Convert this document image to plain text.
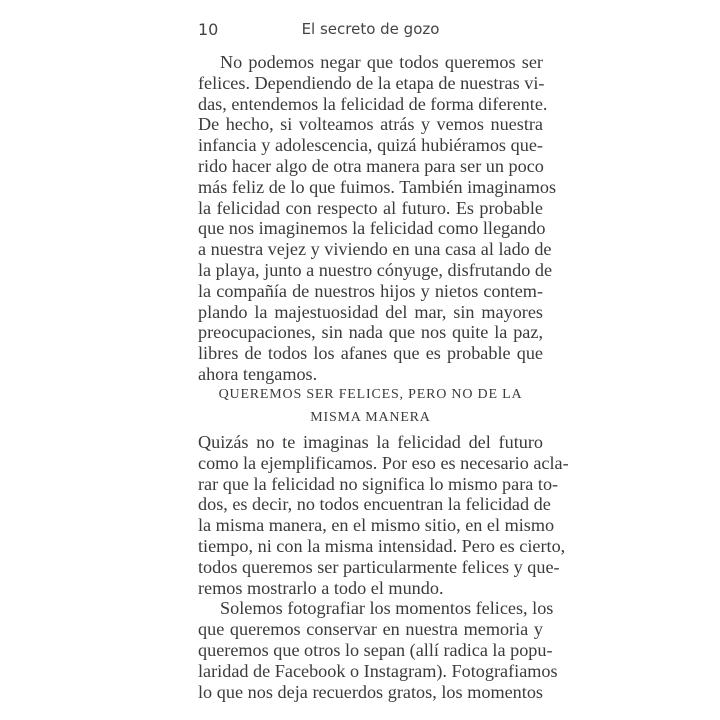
10	El secreto de gozo
No podemos negar que todos queremos ser
felices. Dependiendo de la etapa de nuestras vi-
das, entendemos la felicidad de forma diferente.
De hecho, si volteamos atrás y vemos nuestra
infancia y adolescencia, quizá hubiéramos que-
rido hacer algo de otra manera para ser un poco
más feliz de lo que fuimos. También imaginamos
la felicidad con respecto al futuro. Es probable
que nos imaginemos la felicidad como llegando
a nuestra vejez y viviendo en una casa al lado de
la playa, junto a nuestro cónyuge, disfrutando de
la compañía de nuestros hijos y nietos contem-
plando la majestuosidad del mar, sin mayores
preocupaciones, sin nada que nos quite la paz,
libres de todos los afanes que es probable que
ahora tengamos.
QUEREMOS SER FELICES, PERO NO DE LA
MISMA MANERA
Quizás no te imaginas la felicidad del futuro
como la ejemplificamos. Por eso es necesario acla-
rar que la felicidad no significa lo mismo para to-
dos, es decir, no todos encuentran la felicidad de
la misma manera, en el mismo sitio, en el mismo
tiempo, ni con la misma intensidad. Pero es cierto,
todos queremos ser particularmente felices y que-
remos mostrarlo a todo el mundo.
Solemos fotografiar los momentos felices, los
que queremos conservar en nuestra memoria y
queremos que otros lo sepan (allí radica la popu-
laridad de Facebook o Instagram). Fotografiamos
lo que nos deja recuerdos gratos, los momentos
